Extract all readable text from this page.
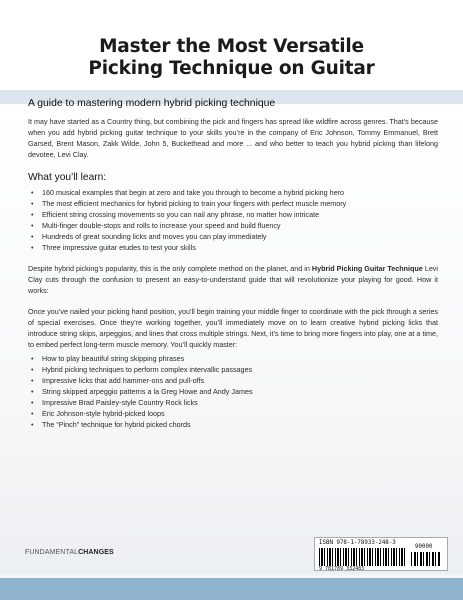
Master the Most Versatile
Picking Technique on Guitar
A guide to mastering modern hybrid picking technique

It may have started as a Country thing, but combining the pick and fingers has spread like wildfire across genres. That’s because when you add hybrid picking guitar technique to your skills you’re in the company of Eric Johnson, Tommy Emmanuel, Brett Garsed, Brent Mason, Zakk Wilde, John 5, Buckethead and more ... and who better to teach you hybrid picking than lifelong devotee, Levi Clay.

What you’ll learn:
• 160 musical examples that begin at zero and take you through to become a hybrid picking hero
• The most efficient mechanics for hybrid picking to train your fingers with perfect muscle memory
• Efficient string crossing movements so you can nail any phrase, no matter how intricate
• Multi-finger double-stops and rolls to increase your speed and build fluency
• Hundreds of great sounding licks and moves you can play immediately
• Three impressive guitar etudes to test your skills

Despite hybrid picking’s popularity, this is the only complete method on the planet, and in Hybrid Picking Guitar Technique Levi Clay cuts through the confusion to present an easy-to-understand guide that will revolutionize your playing for good. How it works:

Once you’ve nailed your picking hand position, you’ll begin training your middle finger to coordinate with the pick through a series of special exercises. Once they’re working together, you’ll immediately move on to learn creative hybrid picking licks that introduce string skips, arpeggios, and lines that cross multiple strings. Next, it’s time to bring more fingers into play, one at a time, to embed perfect long-term muscle memory. You’ll quickly master:

• How to play beautiful string skipping phrases
• Hybrid picking techniques to perform complex intervallic passages
• Impressive licks that add hammer-ons and pull-offs
• String skipped arpeggio patterns a la Greg Howe and Andy James
• Impressive Brad Paisley-style Country Rock licks
• Eric Johnson-style hybrid-picked loops
• The “Pinch” technique for hybrid picked chords
FUNDAMENTALCHANGES
ISBN 978-1-78933-248-3
90000
9 781789 332483
